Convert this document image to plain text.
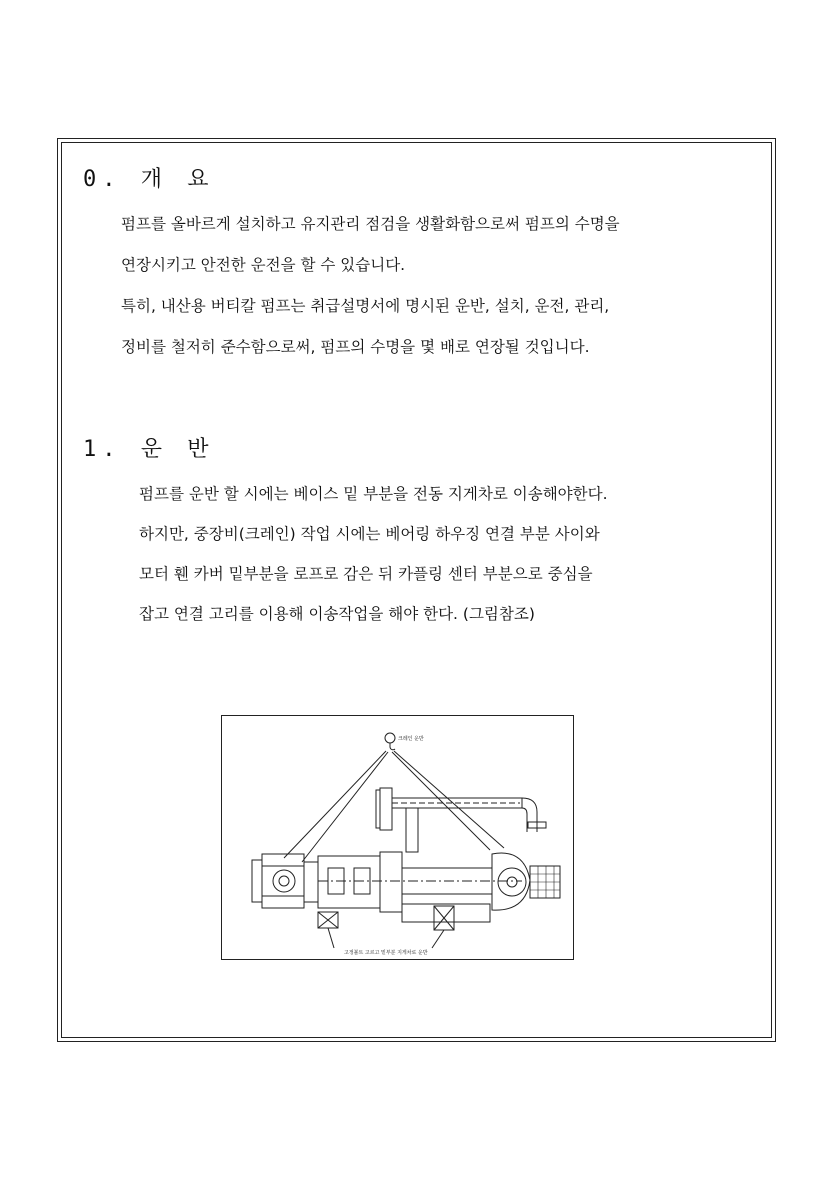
0. 개 요
펌프를 올바르게 설치하고 유지관리 점검을 생활화함으로써 펌프의 수명을
연장시키고 안전한 운전을 할 수 있습니다.
특히, 내산용 버티칼 펌프는 취급설명서에 명시된 운반, 설치, 운전, 관리,
정비를 철저히 준수함으로써, 펌프의 수명을 몇 배로 연장될 것입니다.
1. 운 반
펌프를 운반 할 시에는 베이스 밑 부분을 전동 지게차로 이송해야한다.
하지만, 중장비(크레인) 작업 시에는 베어링 하우징 연결 부분 사이와
모터 휀 카버 밑부분을 로프로 감은 뒤 카플링 센터 부분으로 중심을
잡고 연결 고리를 이용해 이송작업을 해야 한다. (그림참조)
크레인 운반
고정볼트 고르고 밑부분 지게차로 운반
